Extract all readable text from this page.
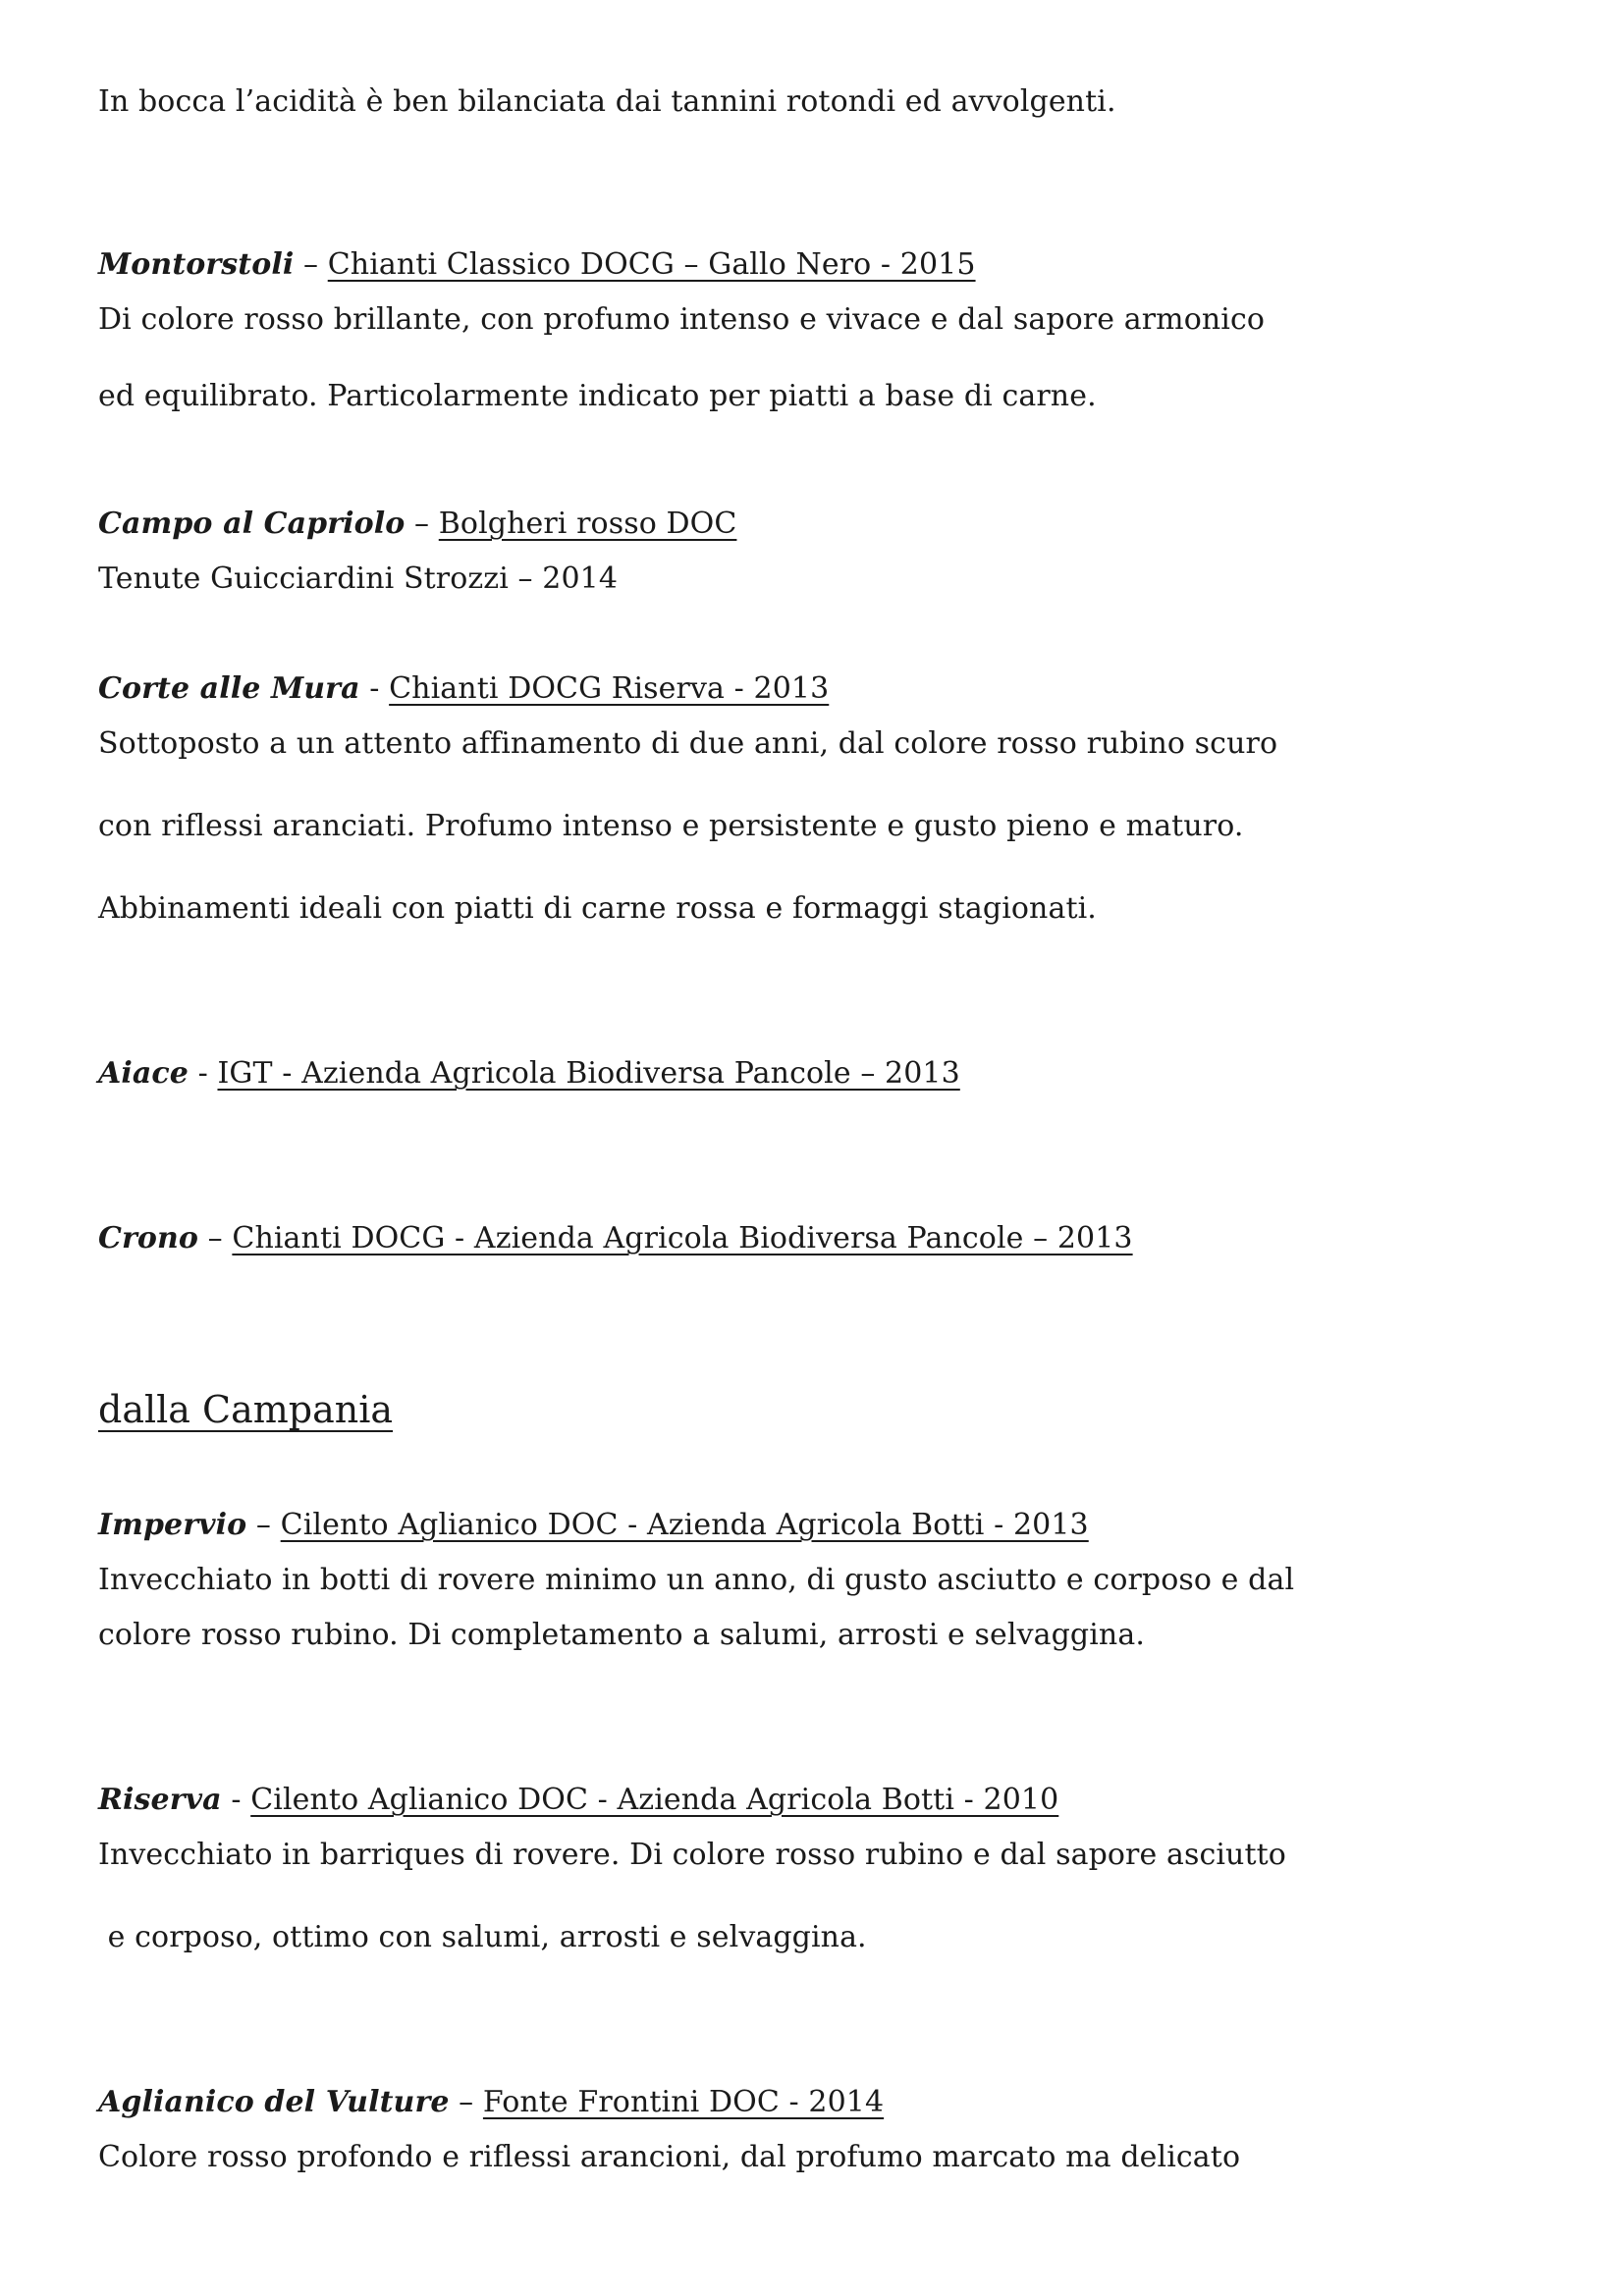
In bocca l’acidità è ben bilanciata dai tannini rotondi ed avvolgenti.
Montorstoli – Chianti Classico DOCG – Gallo Nero - 2015
Di colore rosso brillante, con profumo intenso e vivace e dal sapore armonico
ed equilibrato. Particolarmente indicato per piatti a base di carne.
Campo al Capriolo – Bolgheri rosso DOC
Tenute Guicciardini Strozzi – 2014
Corte alle Mura - Chianti DOCG Riserva - 2013
Sottoposto a un attento affinamento di due anni, dal colore rosso rubino scuro
con riflessi aranciati. Profumo intenso e persistente e gusto pieno e maturo.
Abbinamenti ideali con piatti di carne rossa e formaggi stagionati.
Aiace - IGT - Azienda Agricola Biodiversa Pancole – 2013
Crono – Chianti DOCG - Azienda Agricola Biodiversa Pancole – 2013
dalla Campania
Impervio – Cilento Aglianico DOC - Azienda Agricola Botti - 2013
Invecchiato in botti di rovere minimo un anno, di gusto asciutto e corposo e dal
colore rosso rubino. Di completamento a salumi, arrosti e selvaggina.
Riserva - Cilento Aglianico DOC - Azienda Agricola Botti - 2010
Invecchiato in barriques di rovere. Di colore rosso rubino e dal sapore asciutto
e corposo, ottimo con salumi, arrosti e selvaggina.
Aglianico del Vulture – Fonte Frontini DOC - 2014
Colore rosso profondo e riflessi arancioni, dal profumo marcato ma delicato
